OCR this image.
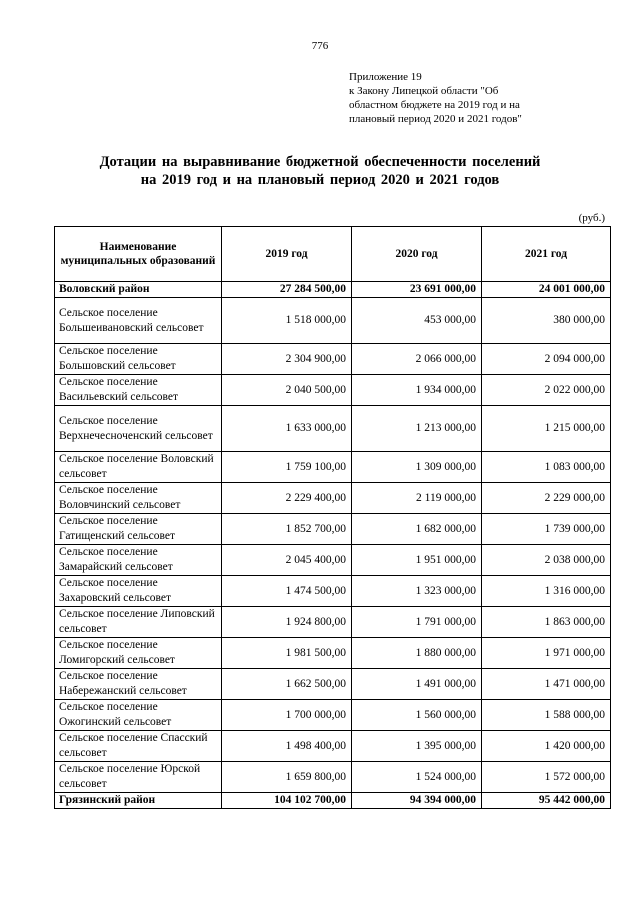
776
Приложение 19
к Закону Липецкой области "Об
областном бюджете на 2019 год и на
плановый период 2020 и 2021 годов"
Дотации на выравнивание бюджетной обеспеченности поселений
на 2019 год и на плановый период 2020 и 2021 годов
(руб.)
Наименование муниципальных образований	2019 год	2020 год	2021 год
Воловский район	27 284 500,00	23 691 000,00	24 001 000,00
Сельское поселение Большеивановский сельсовет	1 518 000,00	453 000,00	380 000,00
Сельское поселение Большовский сельсовет	2 304 900,00	2 066 000,00	2 094 000,00
Сельское поселение Васильевский сельсовет	2 040 500,00	1 934 000,00	2 022 000,00
Сельское поселение Верхнечесноченский сельсовет	1 633 000,00	1 213 000,00	1 215 000,00
Сельское поселение Воловский сельсовет	1 759 100,00	1 309 000,00	1 083 000,00
Сельское поселение Воловчинский сельсовет	2 229 400,00	2 119 000,00	2 229 000,00
Сельское поселение Гатищенский сельсовет	1 852 700,00	1 682 000,00	1 739 000,00
Сельское поселение Замарайский сельсовет	2 045 400,00	1 951 000,00	2 038 000,00
Сельское поселение Захаровский сельсовет	1 474 500,00	1 323 000,00	1 316 000,00
Сельское поселение Липовский сельсовет	1 924 800,00	1 791 000,00	1 863 000,00
Сельское поселение Ломигорский сельсовет	1 981 500,00	1 880 000,00	1 971 000,00
Сельское поселение Набережанский сельсовет	1 662 500,00	1 491 000,00	1 471 000,00
Сельское поселение Ожогинский сельсовет	1 700 000,00	1 560 000,00	1 588 000,00
Сельское поселение Спасский сельсовет	1 498 400,00	1 395 000,00	1 420 000,00
Сельское поселение Юрской сельсовет	1 659 800,00	1 524 000,00	1 572 000,00
Грязинский район	104 102 700,00	94 394 000,00	95 442 000,00
